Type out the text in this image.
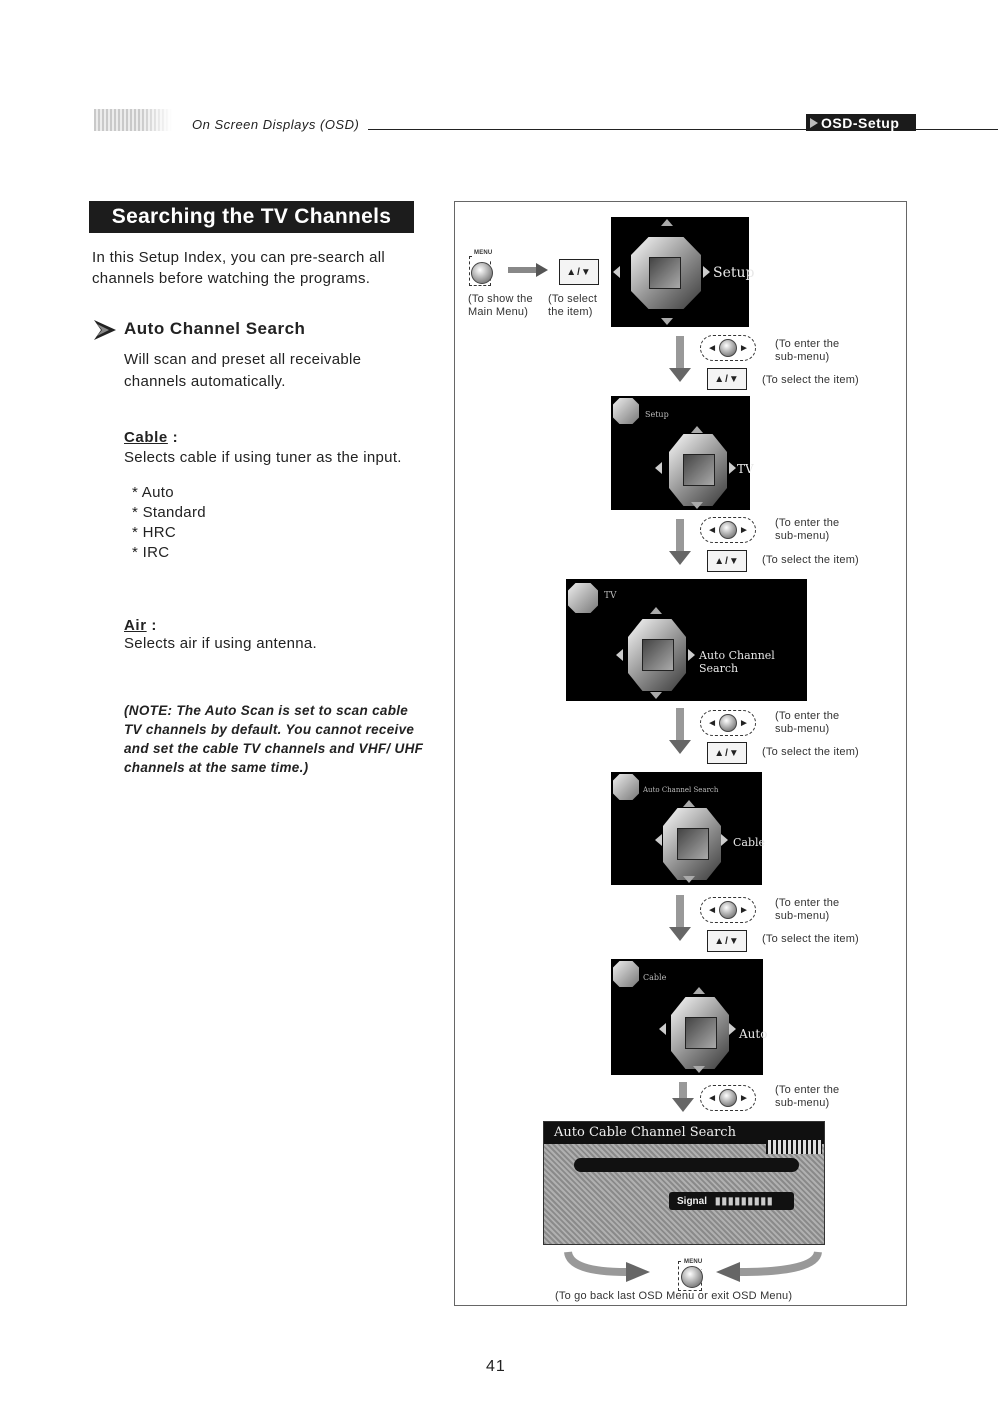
On Screen Displays (OSD)	OSD-Setup
Searching the TV Channels
In this Setup Index, you can pre-search all channels before watching the programs.
Auto Channel Search
Will scan and preset all receivable channels automatically.
Cable :
Selects cable if using tuner as the input.
* Auto
* Standard
* HRC
* IRC
Air :
Selects air if using antenna.
(NOTE: The Auto Scan is set to scan cable TV channels by default. You cannot receive and set the cable TV channels and VHF/ UHF channels at the same time.)
MENU
▲/▼
(To show the Main Menu)
(To select the item)
Setup
◄ ► (To enter the sub-menu)
▲/▼	(To select the item)
Setup
TV
◄ ►
(To enter the sub-menu)
▲/▼	(To select the item)
TV
Auto Channel Search
◄ ►
(To enter the sub-menu)
▲/▼	(To select the item)
Auto Channel Search
Cable
◄ ►
(To enter the sub-menu)
▲/▼	(To select the item)
Cable
Auto
◄ ►
(To enter the sub-menu)
Auto Cable Channel Search
Signal ▮▮▮▮▮▮▮▮▮
MENU
(To go back last OSD Menu or exit OSD Menu)
41
